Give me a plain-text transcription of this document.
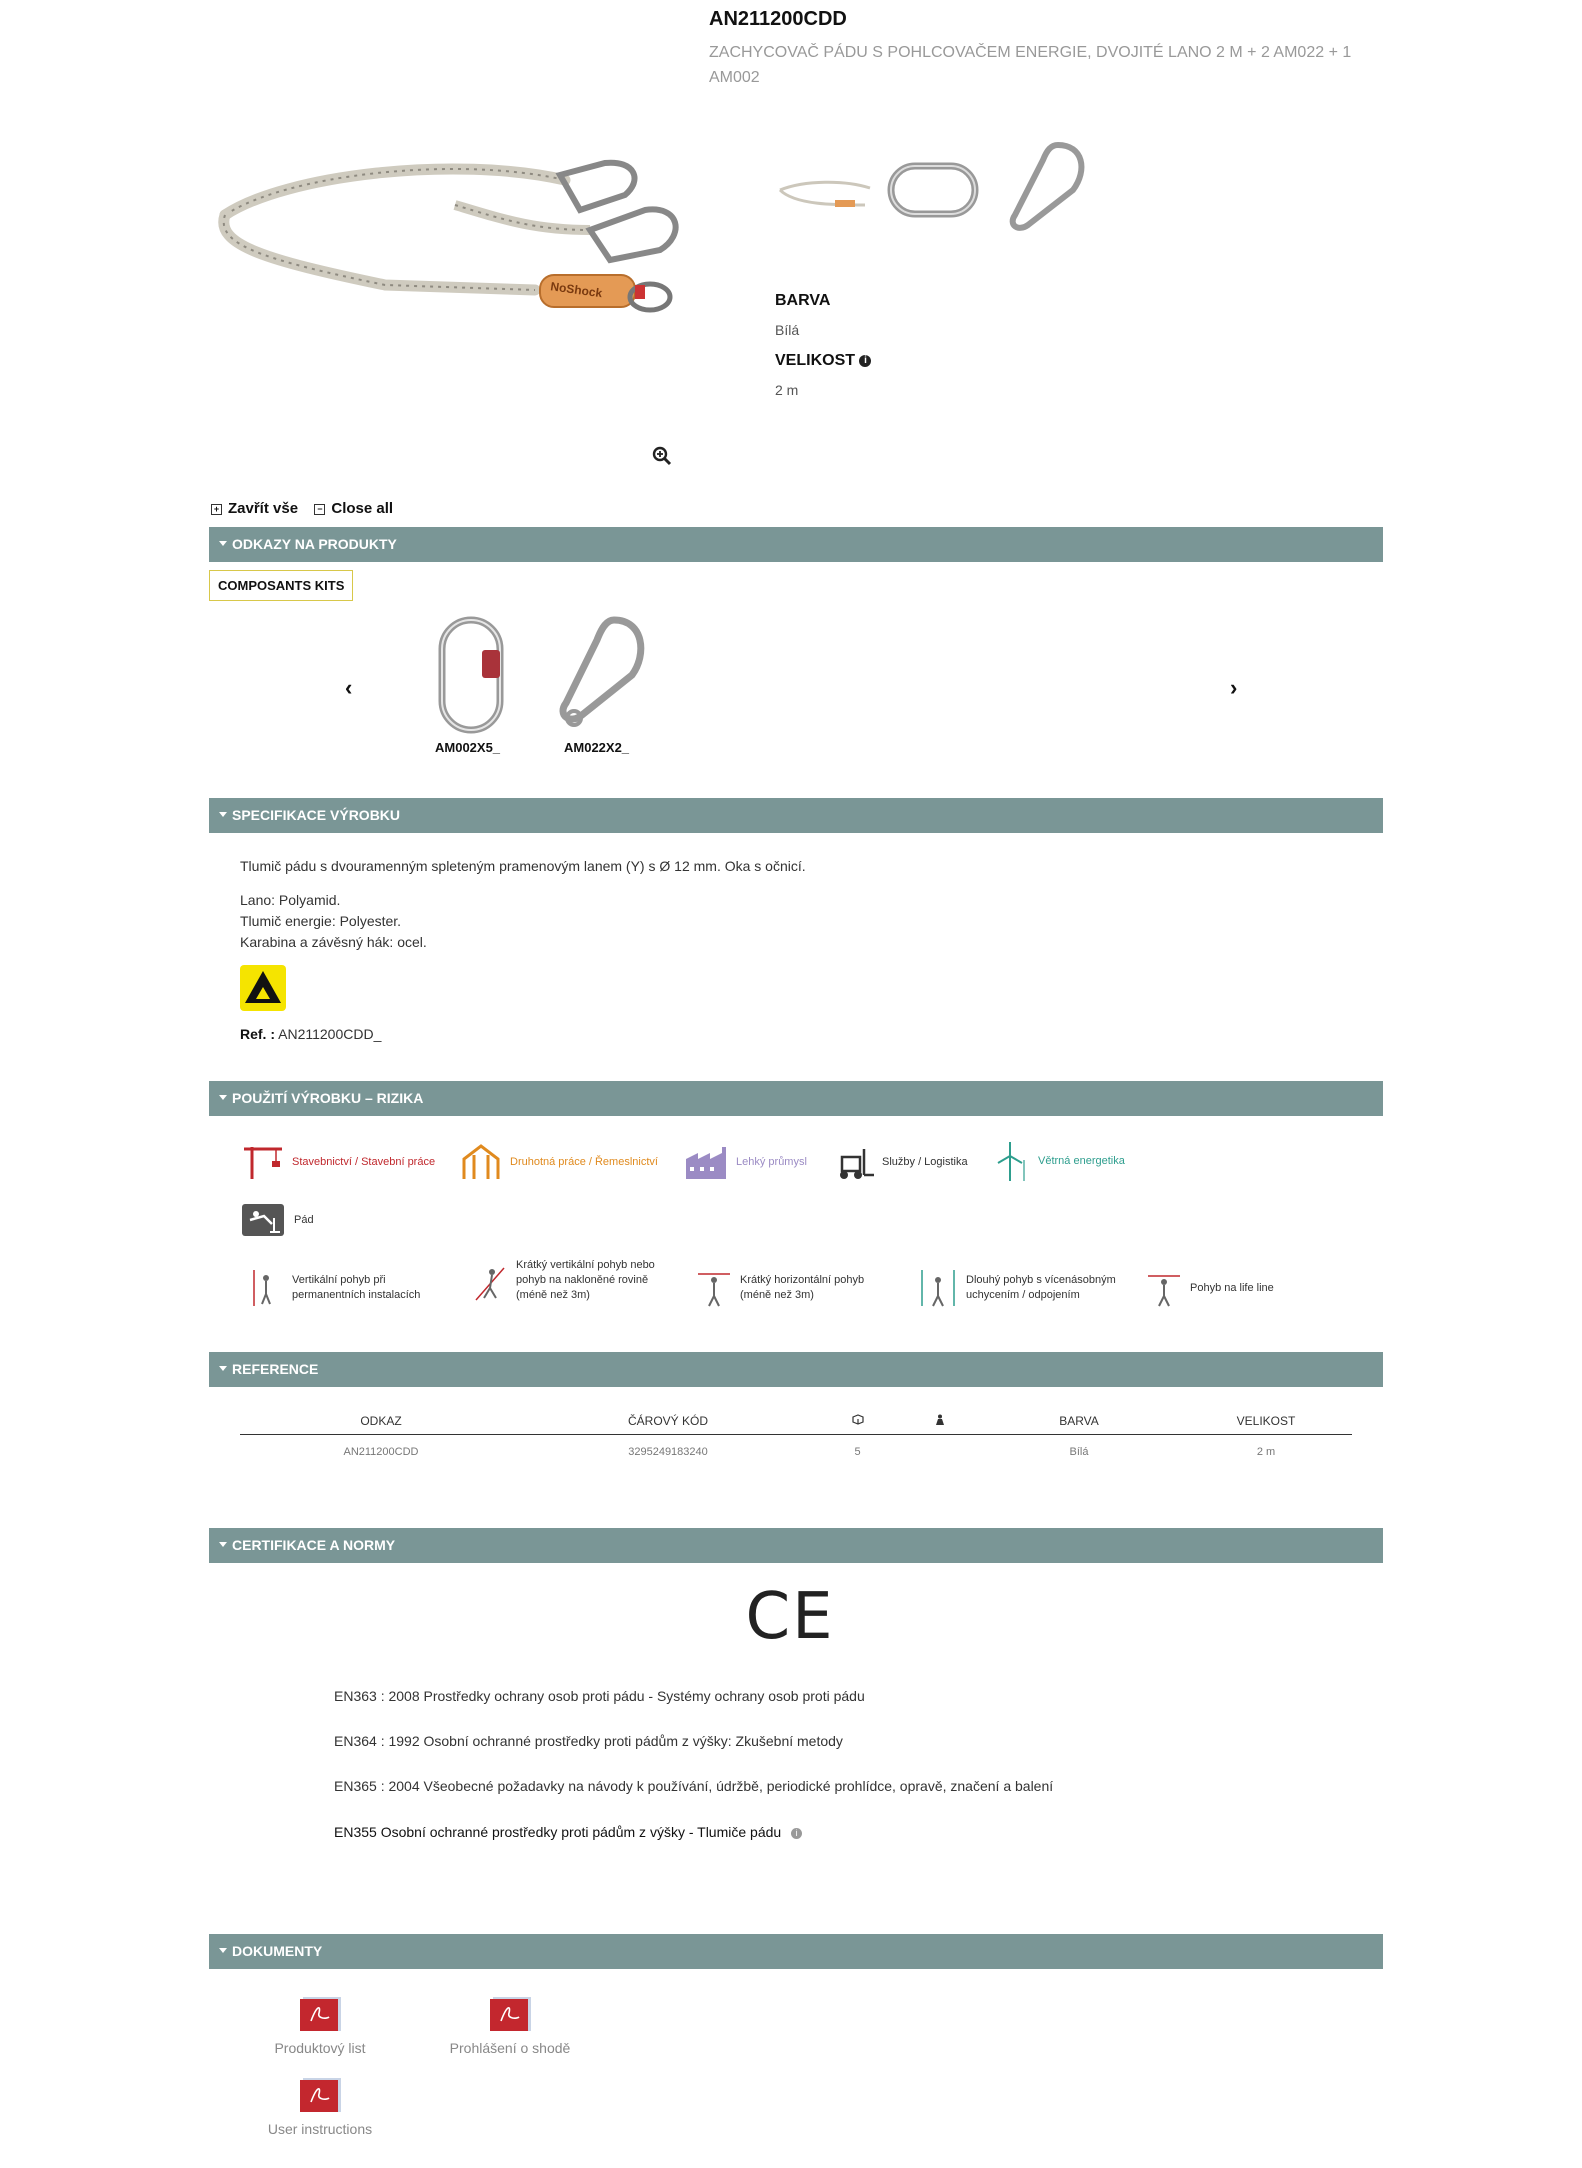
AN211200CDD
ZACHYCOVAČ PÁDU S POHLCOVAČEM ENERGIE, DVOJITÉ LANO 2 M + 2 AM022 + 1 AM002
NoShock
BARVA
Bílá
VELIKOST i
2 m
+ Zavřít vše − Close all
ODKAZY NA PRODUKTY
COMPOSANTS KITS
‹	›
AM002X5_	AM022X2_
SPECIFIKACE VÝROBKU
Tlumič pádu s dvouramenným spleteným pramenovým lanem (Y) s Ø 12 mm. Oka s očnicí.
Lano: Polyamid.
Tlumič energie: Polyester.
Karabina a závěsný hák: ocel.
Ref. : AN211200CDD_
POUŽITÍ VÝROBKU – RIZIKA
Stavebnictví / Stavební práce	Druhotná práce / Řemeslnictví	Lehký průmysl	Služby / Logistika	Větrná energetika
Pád
Vertikální pohyb při
permanentních instalacích
Krátký vertikální pohyb nebo
pohyb na nakloněné rovině
(méně než 3m)
Krátký horizontální pohyb
(méně než 3m)
Dlouhý pohyb s vícenásobným
uchycením / odpojením
Pohyb na life line
REFERENCE
ODKAZ	ČÁROVÝ KÓD			BARVA	VELIKOST
AN211200CDD	3295249183240	5		Bílá	2 m
CERTIFIKACE A NORMY
CE
EN363 : 2008 Prostředky ochrany osob proti pádu - Systémy ochrany osob proti pádu
EN364 : 1992 Osobní ochranné prostředky proti pádům z výšky: Zkušební metody
EN365 : 2004 Všeobecné požadavky na návody k používání, údržbě, periodické prohlídce, opravě, značení a balení
EN355 Osobní ochranné prostředky proti pádům z výšky - Tlumiče pádu i
DOKUMENTY
Produktový list	Prohlášení o shodě
User instructions
